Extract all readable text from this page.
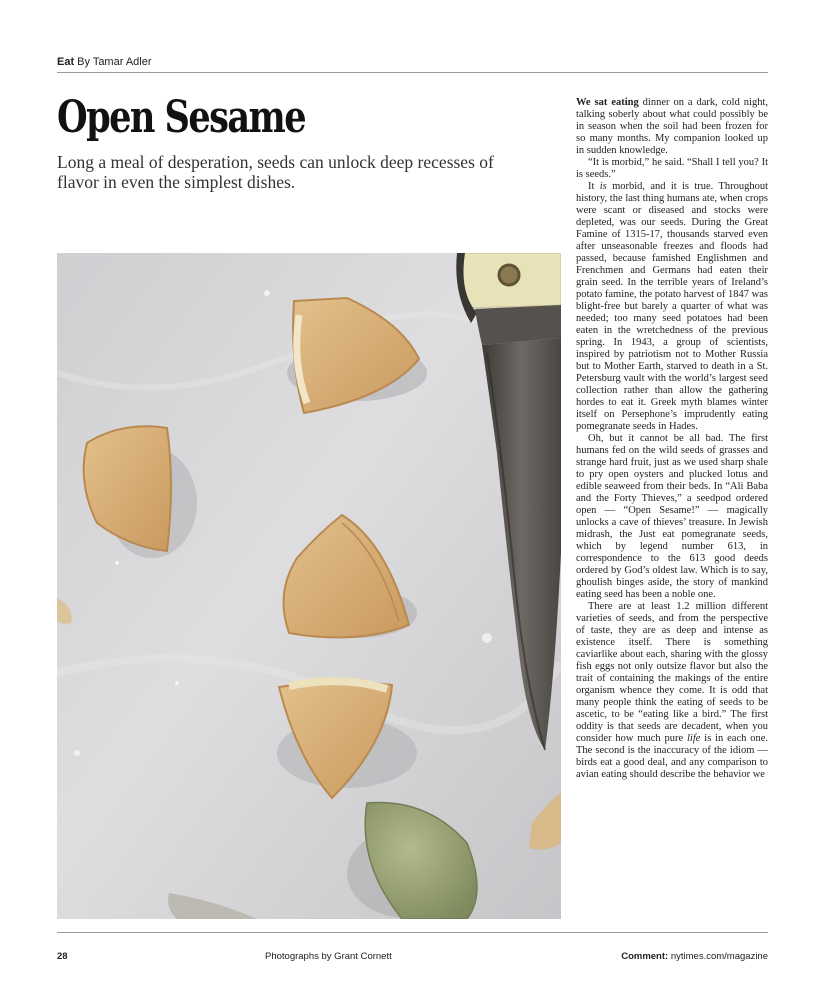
Eat By Tamar Adler
Open Sesame

Long a meal of desperation, seeds can unlock deep recesses of flavor in even the simplest dishes.

We sat eating dinner on a dark, cold night, talking soberly about what could possibly be in season when the soil had been frozen for so many months. My companion looked up in sudden knowledge.

“It is morbid,” he said. “Shall I tell you? It is seeds.”

It is morbid, and it is true. Throughout history, the last thing humans ate, when crops were scant or diseased and stocks were depleted, was our seeds. During the Great Famine of 1315-17, thousands starved even after unseasonable freezes and floods had passed, because famished Englishmen and Frenchmen and Germans had eaten their grain seed. In the terrible years of Ireland’s potato famine, the potato harvest of 1847 was blight-free but barely a quarter of what was needed; too many seed potatoes had been eaten in the wretchedness of the previous spring. In 1943, a group of scientists, inspired by patriotism not to Mother Russia but to Mother Earth, starved to death in a St. Petersburg vault with the world’s largest seed collection rather than allow the gathering hordes to eat it. Greek myth blames winter itself on Persephone’s imprudently eating pomegranate seeds in Hades.

Oh, but it cannot be all bad. The first humans fed on the wild seeds of grasses and strange hard fruit, just as we used sharp shale to pry open oysters and plucked lotus and edible seaweed from their beds. In “Ali Baba and the Forty Thieves,” a seedpod ordered open — “Open Sesame!” — magically unlocks a cave of thieves’ treasure. In Jewish midrash, the Just eat pomegranate seeds, which by legend number 613, in correspondence to the 613 good deeds ordered by God’s oldest law. Which is to say, ghoulish binges aside, the story of mankind eating seed has been a noble one.

There are at least 1.2 million different varieties of seeds, and from the perspective of taste, they are as deep and intense as existence itself. There is something caviarlike about each, sharing with the glossy fish eggs not only outsize flavor but also the trait of containing the makings of the entire organism whence they come. It is odd that many people think the eating of seeds to be ascetic, to be “eating like a bird.” The first oddity is that seeds are decadent, when you consider how much pure life is in each one. The second is the inaccuracy of the idiom — birds eat a good deal, and any comparison to avian eating should describe the behavior we

28	Photographs by Grant Cornett	Comment: nytimes.com/magazine
